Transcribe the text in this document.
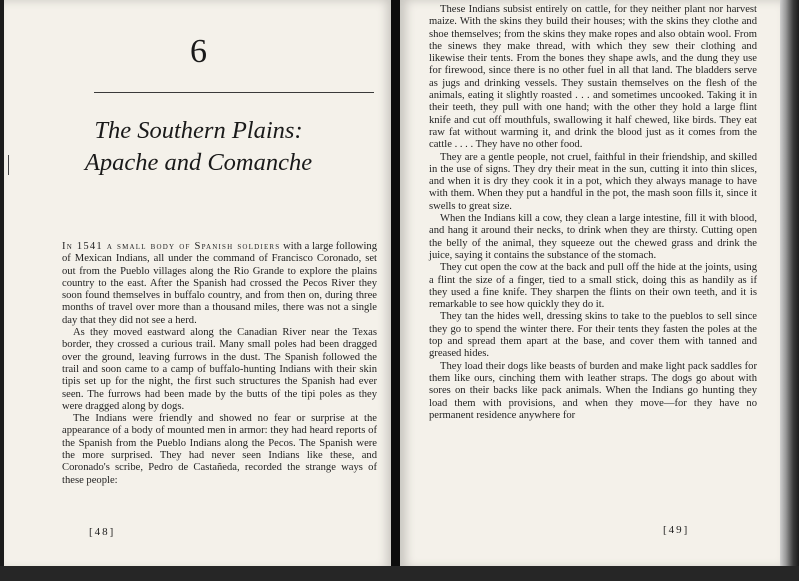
6
The Southern Plains:
Apache and Comanche

In 1541 a small body of Spanish soldiers with a large following of Mexican Indians, all under the command of Francisco Coronado, set out from the Pueblo villages along the Rio Grande to explore the plains country to the east. After the Spanish had crossed the Pecos River they soon found themselves in buffalo country, and from then on, during three months of travel over more than a thousand miles, there was not a single day that they did not see a herd.

As they moved eastward along the Canadian River near the Texas border, they crossed a curious trail. Many small poles had been dragged over the ground, leaving furrows in the dust. The Spanish followed the trail and soon came to a camp of buffalo-hunting Indians with their skin tipis set up for the night, the first such structures the Spanish had ever seen. The furrows had been made by the butts of the tipi poles as they were dragged along by dogs.

The Indians were friendly and showed no fear or surprise at the appearance of a body of mounted men in armor: they had heard reports of the Spanish from the Pueblo Indians along the Pecos. The Spanish were the more surprised. They had never seen Indians like these, and Coronado's scribe, Pedro de Castañeda, recorded the strange ways of these people:

[48]

These Indians subsist entirely on cattle, for they neither plant nor harvest maize. With the skins they build their houses; with the skins they clothe and shoe themselves; from the skins they make ropes and also obtain wool. From the sinews they make thread, with which they sew their clothing and likewise their tents. From the bones they shape awls, and the dung they use for firewood, since there is no other fuel in all that land. The bladders serve as jugs and drinking vessels. They sustain themselves on the flesh of the animals, eating it slightly roasted . . . and sometimes uncooked. Taking it in their teeth, they pull with one hand; with the other they hold a large flint knife and cut off mouthfuls, swallowing it half chewed, like birds. They eat raw fat without warming it, and drink the blood just as it comes from the cattle . . . . They have no other food.

They are a gentle people, not cruel, faithful in their friendship, and skilled in the use of signs. They dry their meat in the sun, cutting it into thin slices, and when it is dry they cook it in a pot, which they always manage to have with them. When they put a handful in the pot, the mash soon fills it, since it swells to great size.

When the Indians kill a cow, they clean a large intestine, fill it with blood, and hang it around their necks, to drink when they are thirsty. Cutting open the belly of the animal, they squeeze out the chewed grass and drink the juice, saying it contains the substance of the stomach.

They cut open the cow at the back and pull off the hide at the joints, using a flint the size of a finger, tied to a small stick, doing this as handily as if they used a fine knife. They sharpen the flints on their own teeth, and it is remarkable to see how quickly they do it.

They tan the hides well, dressing skins to take to the pueblos to sell since they go to spend the winter there. For their tents they fasten the poles at the top and spread them apart at the base, and cover them with tanned and greased hides.

They load their dogs like beasts of burden and make light pack saddles for them like ours, cinching them with leather straps. The dogs go about with sores on their backs like pack animals. When the Indians go hunting they load them with provisions, and when they move—for they have no permanent residence anywhere for

[49]
